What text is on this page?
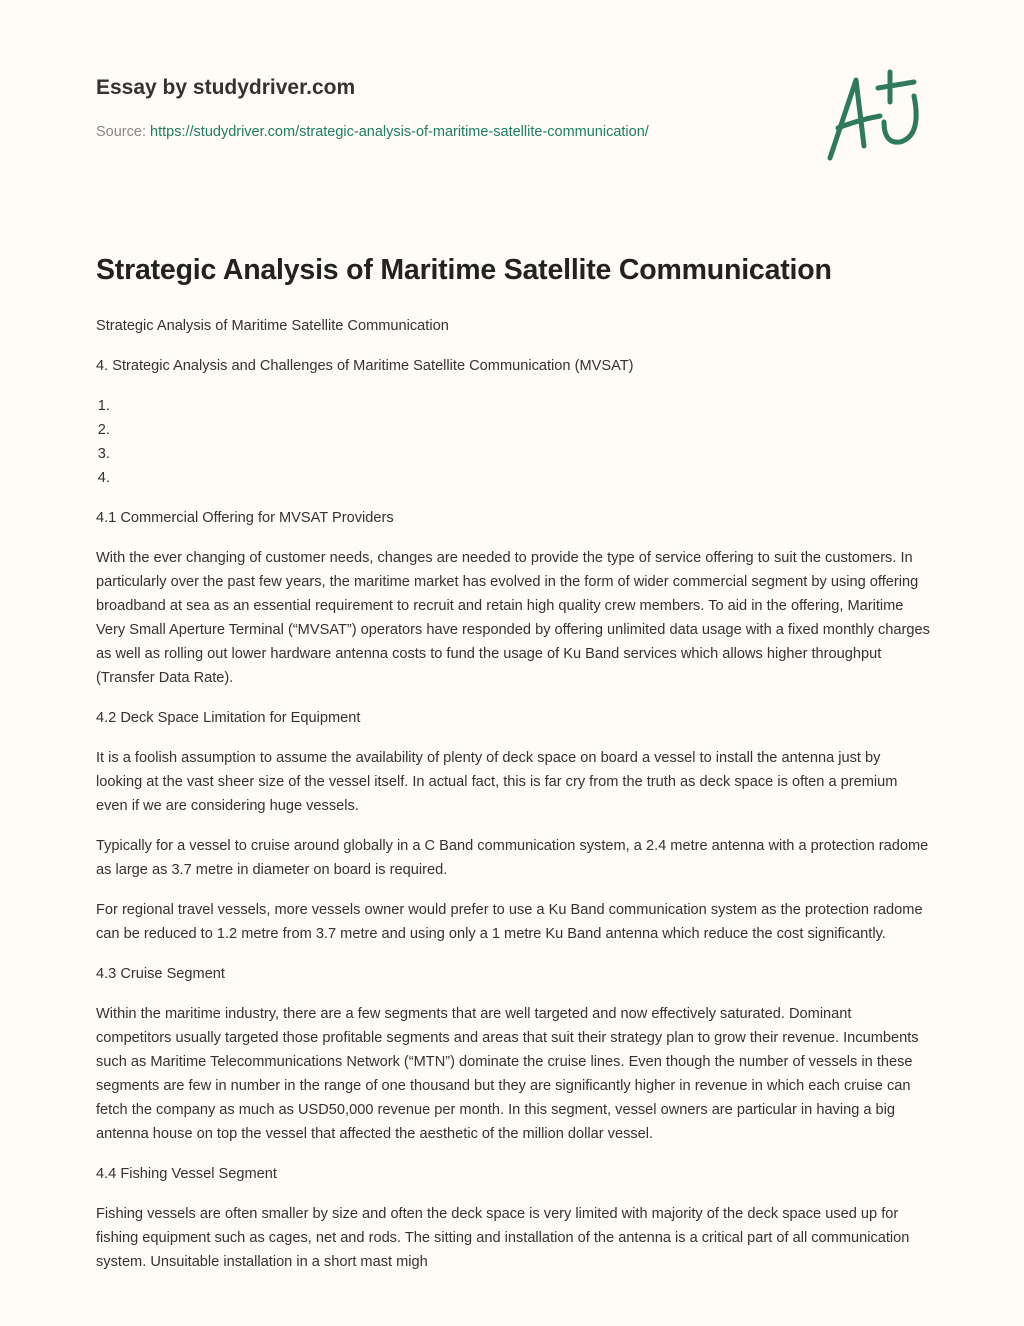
Essay by studydriver.com
Source: https://studydriver.com/strategic-analysis-of-maritime-satellite-communication/
Strategic Analysis of Maritime Satellite Communication

Strategic Analysis of Maritime Satellite Communication

4. Strategic Analysis and Challenges of Maritime Satellite Communication (MVSAT)

1.
2.
3.
4.

4.1 Commercial Offering for MVSAT Providers

With the ever changing of customer needs, changes are needed to provide the type of service offering to suit the customers. In particularly over the past few years, the maritime market has evolved in the form of wider commercial segment by using offering broadband at sea as an essential requirement to recruit and retain high quality crew members. To aid in the offering, Maritime Very Small Aperture Terminal (“MVSAT”) operators have responded by offering unlimited data usage with a fixed monthly charges as well as rolling out lower hardware antenna costs to fund the usage of Ku Band services which allows higher throughput (Transfer Data Rate).

4.2 Deck Space Limitation for Equipment

It is a foolish assumption to assume the availability of plenty of deck space on board a vessel to install the antenna just by looking at the vast sheer size of the vessel itself. In actual fact, this is far cry from the truth as deck space is often a premium even if we are considering huge vessels.

Typically for a vessel to cruise around globally in a C Band communication system, a 2.4 metre antenna with a protection radome as large as 3.7 metre in diameter on board is required.

For regional travel vessels, more vessels owner would prefer to use a Ku Band communication system as the protection radome can be reduced to 1.2 metre from 3.7 metre and using only a 1 metre Ku Band antenna which reduce the cost significantly.

4.3 Cruise Segment

Within the maritime industry, there are a few segments that are well targeted and now effectively saturated. Dominant competitors usually targeted those profitable segments and areas that suit their strategy plan to grow their revenue. Incumbents such as Maritime Telecommunications Network (“MTN”) dominate the cruise lines. Even though the number of vessels in these segments are few in number in the range of one thousand but they are significantly higher in revenue in which each cruise can fetch the company as much as USD50,000 revenue per month. In this segment, vessel owners are particular in having a big antenna house on top the vessel that affected the aesthetic of the million dollar vessel.

4.4 Fishing Vessel Segment

Fishing vessels are often smaller by size and often the deck space is very limited with majority of the deck space used up for fishing equipment such as cages, net and rods. The sitting and installation of the antenna is a critical part of all communication system. Unsuitable installation in a short mast migh
